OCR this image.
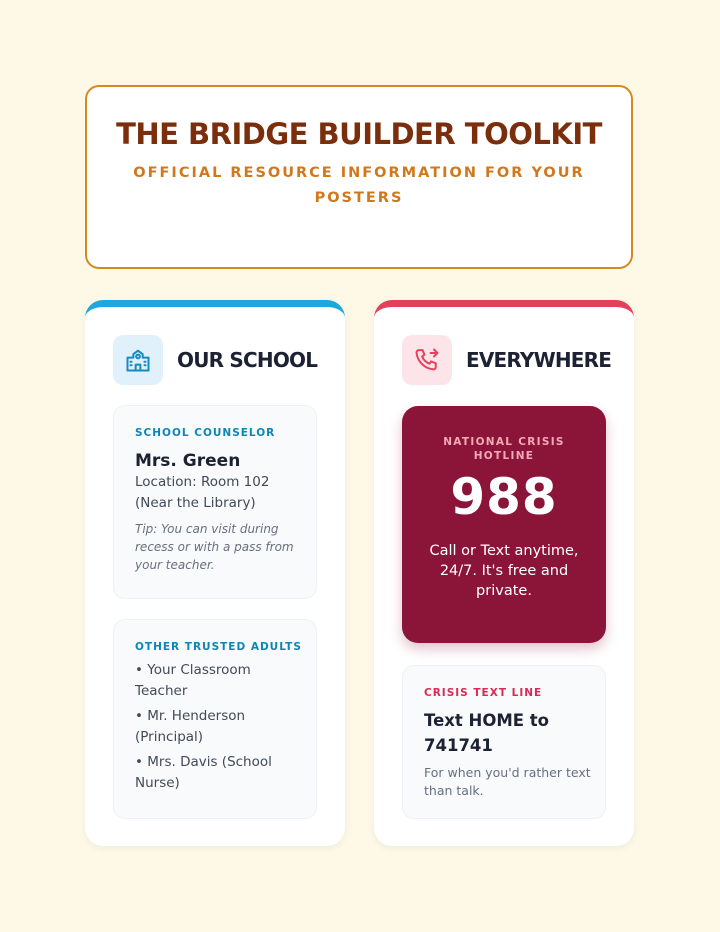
THE BRIDGE BUILDER TOOLKIT
OFFICIAL RESOURCE INFORMATION FOR YOUR POSTERS
OUR SCHOOL
SCHOOL COUNSELOR
Mrs. Green
Location: Room 102
(Near the Library)
Tip: You can visit during recess or with a pass from your teacher.
OTHER TRUSTED ADULTS
• Your Classroom Teacher
• Mr. Henderson (Principal)
• Mrs. Davis (School Nurse)
EVERYWHERE
NATIONAL CRISIS HOTLINE
988
Call or Text anytime, 24/7. It's free and private.
CRISIS TEXT LINE
Text HOME to 741741
For when you'd rather text than talk.
